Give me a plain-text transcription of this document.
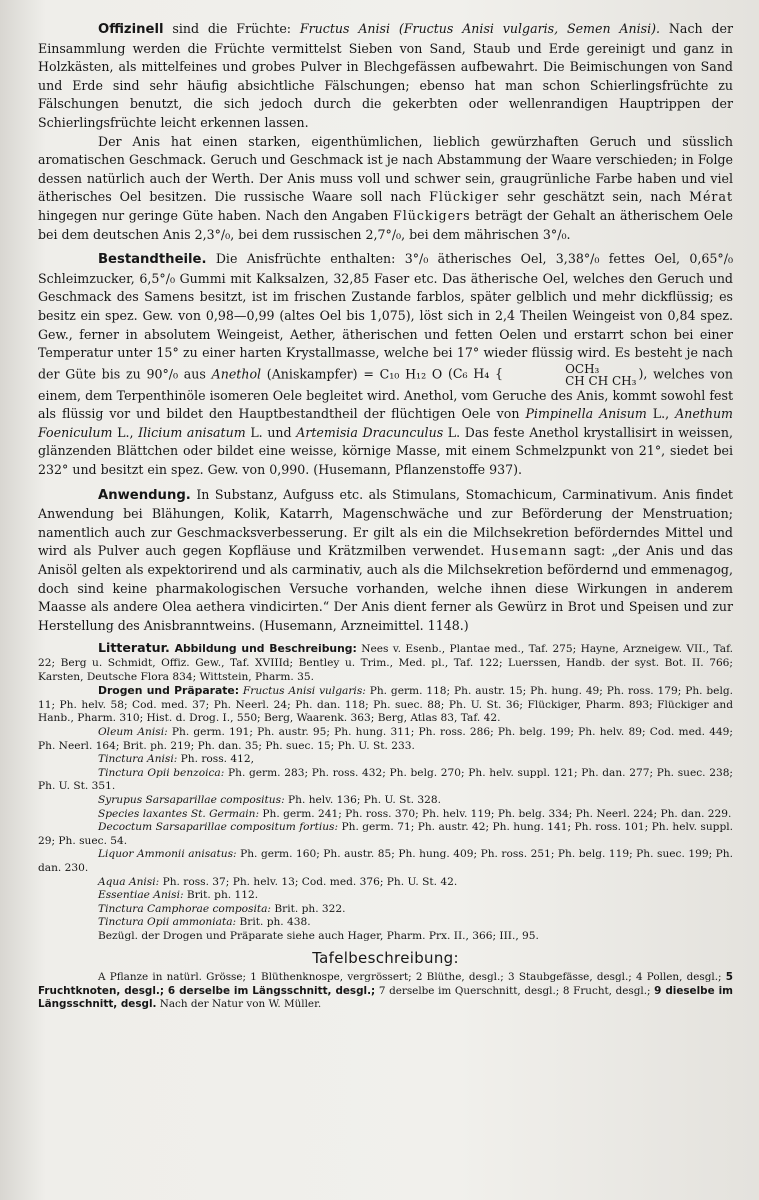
Offizinell sind die Früchte: Fructus Anisi (Fructus Anisi vulgaris, Semen Anisi). Nach der Einsammlung werden die Früchte vermittelst Sieben von Sand, Staub und Erde gereinigt und ganz in Holzkästen, als mittelfeines und grobes Pulver in Blechgefässen aufbewahrt. Die Beimischungen von Sand und Erde sind sehr häufig absichtliche Fälschungen; ebenso hat man schon Schierlingsfrüchte zu Fälschungen benutzt, die sich jedoch durch die gekerbten oder wellenrandigen Hauptrippen der Schierlingsfrüchte leicht erkennen lassen.

Der Anis hat einen starken, eigenthümlichen, lieblich gewürzhaften Geruch und süsslich aromatischen Geschmack. Geruch und Geschmack ist je nach Abstammung der Waare verschieden; in Folge dessen natürlich auch der Werth. Der Anis muss voll und schwer sein, graugrünliche Farbe haben und viel ätherisches Oel besitzen. Die russische Waare soll nach Flückiger sehr geschätzt sein, nach Mérat hingegen nur geringe Güte haben. Nach den Angaben Flückigers beträgt der Gehalt an ätherischem Oele bei dem deutschen Anis 2,3°/₀, bei dem russischen 2,7°/₀, bei dem mährischen 3°/₀.

Bestandtheile. Die Anisfrüchte enthalten: 3°/₀ ätherisches Oel, 3,38°/₀ fettes Oel, 0,65°/₀ Schleimzucker, 6,5°/₀ Gummi mit Kalksalzen, 32,85 Faser etc. Das ätherische Oel, welches den Geruch und Geschmack des Samens besitzt, ist im frischen Zustande farblos, später gelblich und mehr dickflüssig; es besitz ein spez. Gew. von 0,98—0,99 (altes Oel bis 1,075), löst sich in 2,4 Theilen Weingeist von 0,84 spez. Gew., ferner in absolutem Weingeist, Aether, ätherischen und fetten Oelen und erstarrt schon bei einer Temperatur unter 15° zu einer harten Krystallmasse, welche bei 17° wieder flüssig wird. Es besteht je nach der Güte bis zu 90°/₀ aus Anethol (Aniskampfer) = C₁₀ H₁₂ O (C₆ H₄ {	OCH₃
CH CH CH₃ ), welches von einem, dem Terpenthinöle isomeren Oele begleitet wird. Anethol, vom Geruche des Anis, kommt sowohl fest als flüssig vor und bildet den Hauptbestandtheil der flüchtigen Oele von Pimpinella Anisum L., Anethum Foeniculum L., Ilicium anisatum L. und Artemisia Dracunculus L. Das feste Anethol krystallisirt in weissen, glänzenden Blättchen oder bildet eine weisse, körnige Masse, mit einem Schmelzpunkt von 21°, siedet bei 232° und besitzt ein spez. Gew. von 0,990. (Husemann, Pflanzenstoffe 937).

Anwendung. In Substanz, Aufguss etc. als Stimulans, Stomachicum, Carminativum. Anis findet Anwendung bei Blähungen, Kolik, Katarrh, Magenschwäche und zur Beförderung der Menstruation; namentlich auch zur Geschmacksverbesserung. Er gilt als ein die Milchsekretion beförderndes Mittel und wird als Pulver auch gegen Kopfläuse und Krätzmilben verwendet. Husemann sagt: „der Anis und das Anisöl gelten als expektorirend und als carminativ, auch als die Milchsekretion befördernd und emmenagog, doch sind keine pharmakologischen Versuche vorhanden, welche ihnen diese Wirkungen in anderem Maasse als andere Olea aethera vindicirten.“ Der Anis dient ferner als Gewürz in Brot und Speisen und zur Herstellung des Anisbranntweins. (Husemann, Arzneimittel. 1148.)

Litteratur. Abbildung und Beschreibung: Nees v. Esenb., Plantae med., Taf. 275; Hayne, Arzneigew. VII., Taf. 22; Berg u. Schmidt, Offiz. Gew., Taf. XVIIId; Bentley u. Trim., Med. pl., Taf. 122; Luerssen, Handb. der syst. Bot. II. 766; Karsten, Deutsche Flora 834; Wittstein, Pharm. 35.

Drogen und Präparate: Fructus Anisi vulgaris: Ph. germ. 118; Ph. austr. 15; Ph. hung. 49; Ph. ross. 179; Ph. belg. 11; Ph. helv. 58; Cod. med. 37; Ph. Neerl. 24; Ph. dan. 118; Ph. suec. 88; Ph. U. St. 36; Flückiger, Pharm. 893; Flückiger and Hanb., Pharm. 310; Hist. d. Drog. I., 550; Berg, Waarenk. 363; Berg, Atlas 83, Taf. 42.

Oleum Anisi: Ph. germ. 191; Ph. austr. 95; Ph. hung. 311; Ph. ross. 286; Ph. belg. 199; Ph. helv. 89; Cod. med. 449; Ph. Neerl. 164; Brit. ph. 219; Ph. dan. 35; Ph. suec. 15; Ph. U. St. 233.

Tinctura Anisi: Ph. ross. 412,

Tinctura Opii benzoica: Ph. germ. 283; Ph. ross. 432; Ph. belg. 270; Ph. helv. suppl. 121; Ph. dan. 277; Ph. suec. 238; Ph. U. St. 351.

Syrupus Sarsaparillae compositus: Ph. helv. 136; Ph. U. St. 328.

Species laxantes St. Germain: Ph. germ. 241; Ph. ross. 370; Ph. helv. 119; Ph. belg. 334; Ph. Neerl. 224; Ph. dan. 229.

Decoctum Sarsaparillae compositum fortius: Ph. germ. 71; Ph. austr. 42; Ph. hung. 141; Ph. ross. 101; Ph. helv. suppl. 29; Ph. suec. 54.

Liquor Ammonii anisatus: Ph. germ. 160; Ph. austr. 85; Ph. hung. 409; Ph. ross. 251; Ph. belg. 119; Ph. suec. 199; Ph. dan. 230.

Aqua Anisi: Ph. ross. 37; Ph. helv. 13; Cod. med. 376; Ph. U. St. 42.

Essentiae Anisi: Brit. ph. 112.

Tinctura Camphorae composita: Brit. ph. 322.

Tinctura Opii ammoniata: Brit. ph. 438.

Bezügl. der Drogen und Präparate siehe auch Hager, Pharm. Prx. II., 366; III., 95.

Tafelbeschreibung:

A Pflanze in natürl. Grösse; 1 Blüthenknospe, vergrössert; 2 Blüthe, desgl.; 3 Staubgefässe, desgl.; 4 Pollen, desgl.; 5 Fruchtknoten, desgl.; 6 derselbe im Längsschnitt, desgl.; 7 derselbe im Querschnitt, desgl.; 8 Frucht, desgl.; 9 dieselbe im Längsschnitt, desgl. Nach der Natur von W. Müller.
